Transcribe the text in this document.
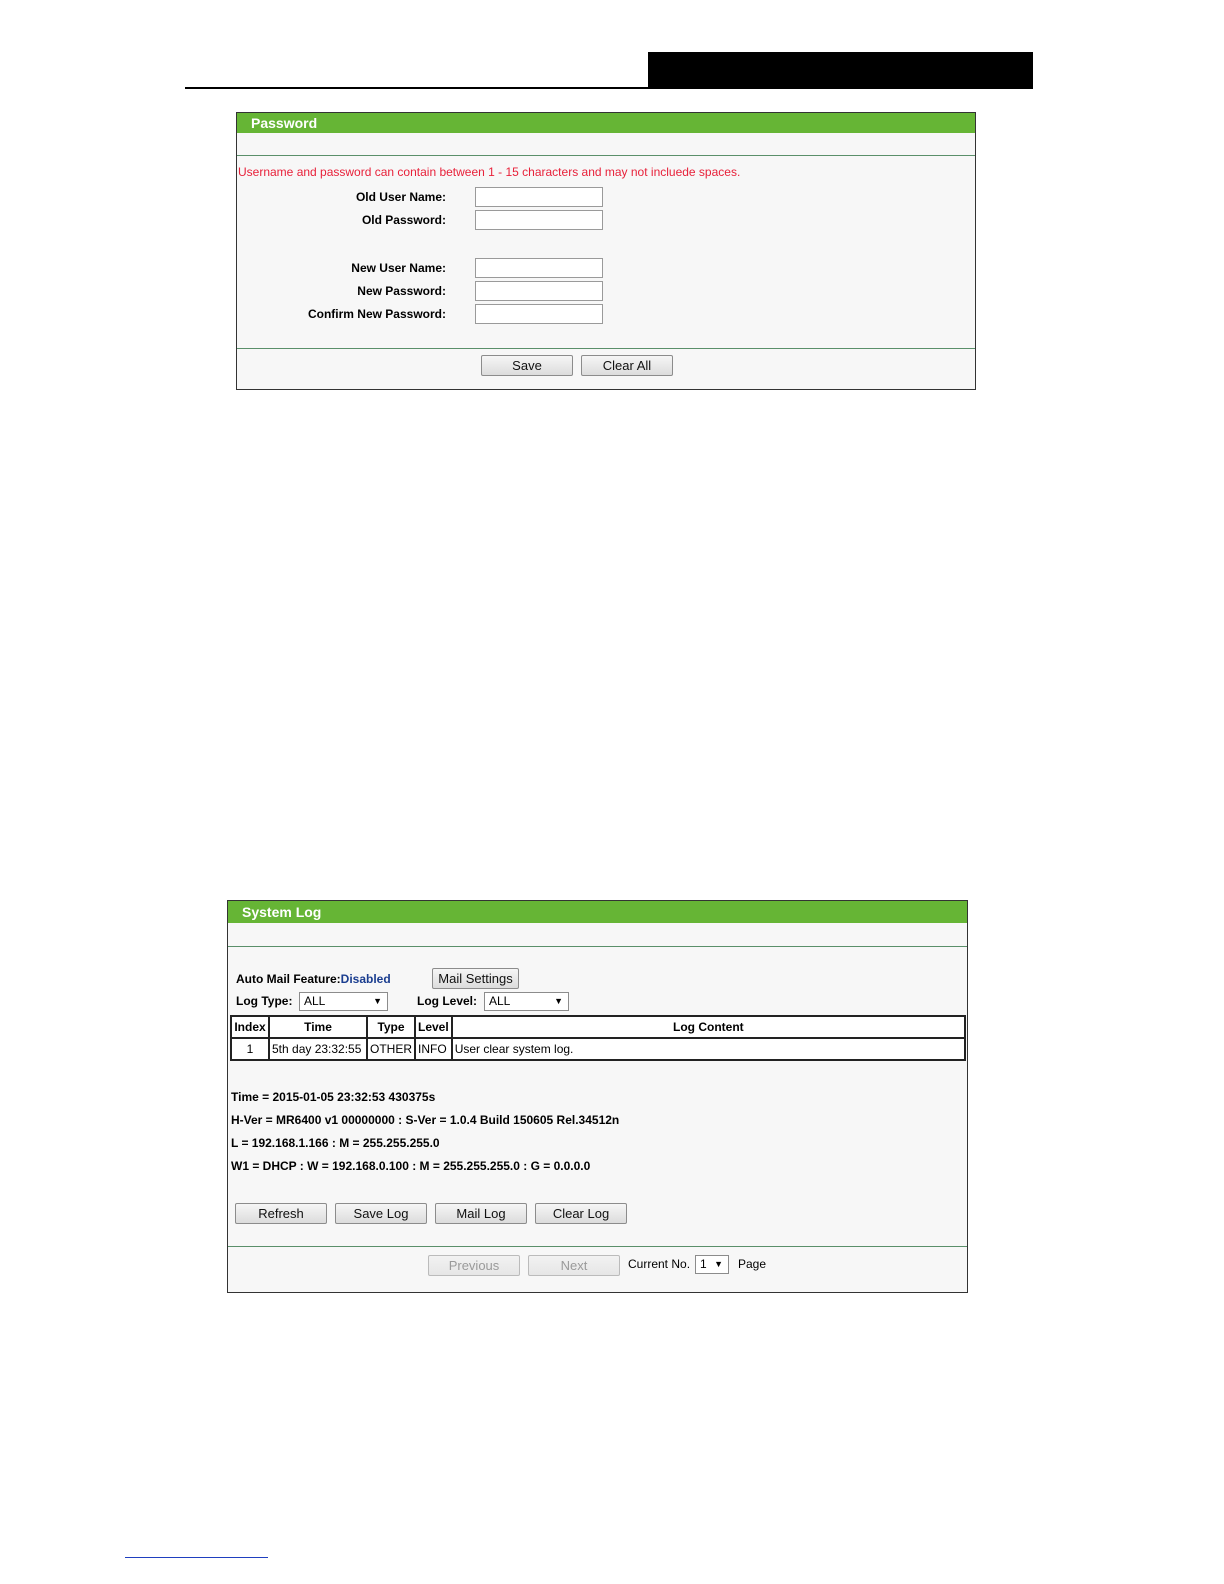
Password
Username and password can contain between 1 - 15 characters and may not incluede spaces.
Old User Name:
Old Password:
New User Name:
New Password:
Confirm New Password:
Save	Clear All
System Log
Auto Mail Feature:Disabled	Mail Settings
Log Type: ALL	▼	Log Level: ALL	▼
Index	Time	Type	Level	Log Content
1	5th day 23:32:55	OTHER	INFO	User clear system log.
Time = 2015-01-05 23:32:53 430375s
H-Ver = MR6400 v1 00000000 : S-Ver = 1.0.4 Build 150605 Rel.34512n
L = 192.168.1.166 : M = 255.255.255.0
W1 = DHCP : W = 192.168.0.100 : M = 255.255.255.0 : G = 0.0.0.0
Refresh	Save Log	Mail Log	Clear Log
Previous	Next	Current No. 1 ▼ Page
